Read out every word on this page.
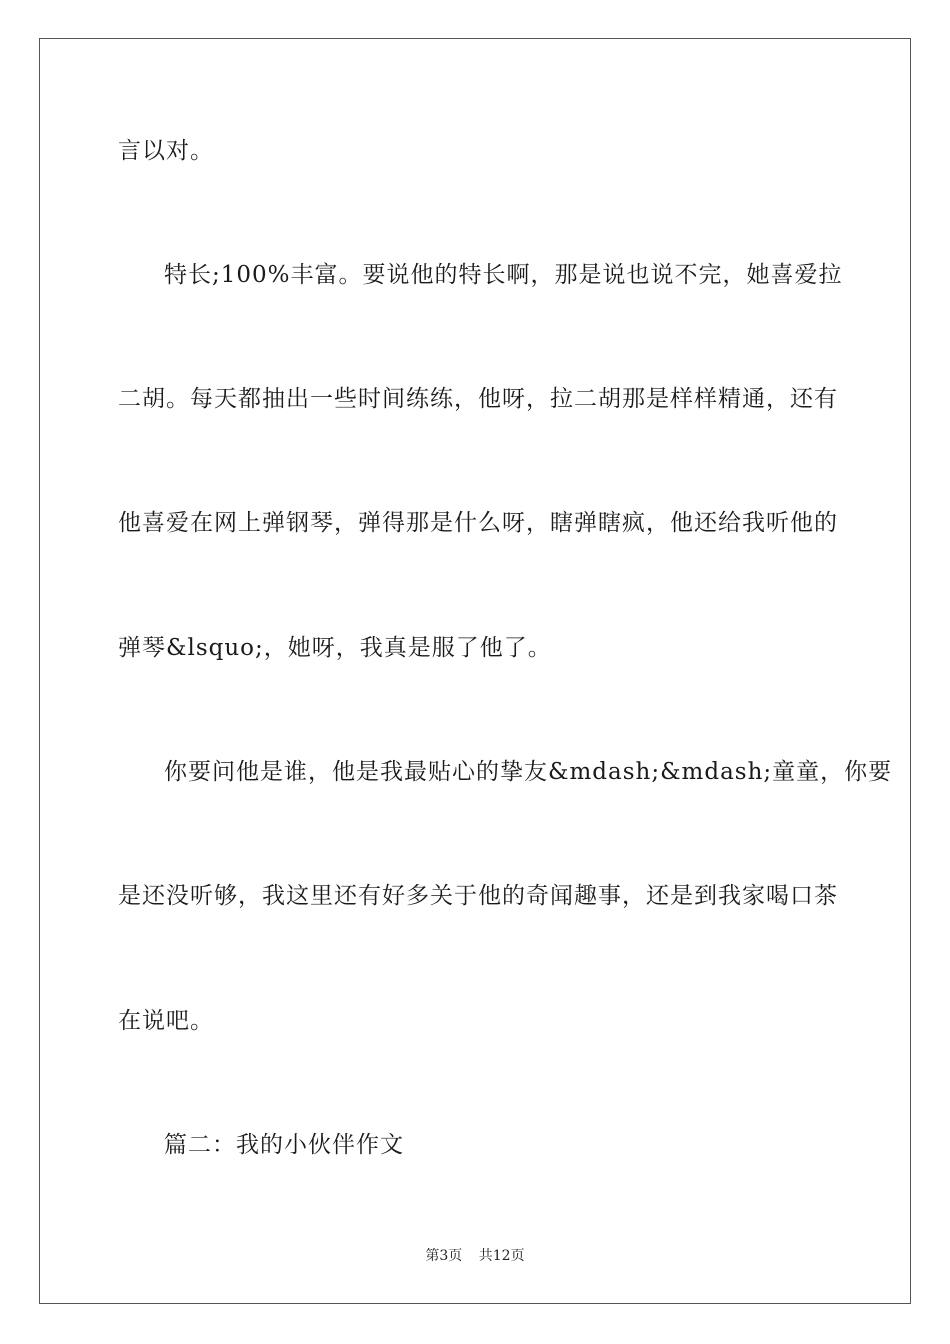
言以对。
特长;100%丰富。要说他的特长啊，那是说也说不完，她喜爱拉
二胡。每天都抽出一些时间练练，他呀，拉二胡那是样样精通，还有
他喜爱在网上弹钢琴，弹得那是什么呀，瞎弹瞎疯，他还给我听他的
弹琴&lsquo;，她呀，我真是服了他了。
你要问他是谁，他是我最贴心的挚友&mdash;&mdash;童童，你要
是还没听够，我这里还有好多关于他的奇闻趣事，还是到我家喝口茶
在说吧。
篇二：我的小伙伴作文
第3页 共12页
